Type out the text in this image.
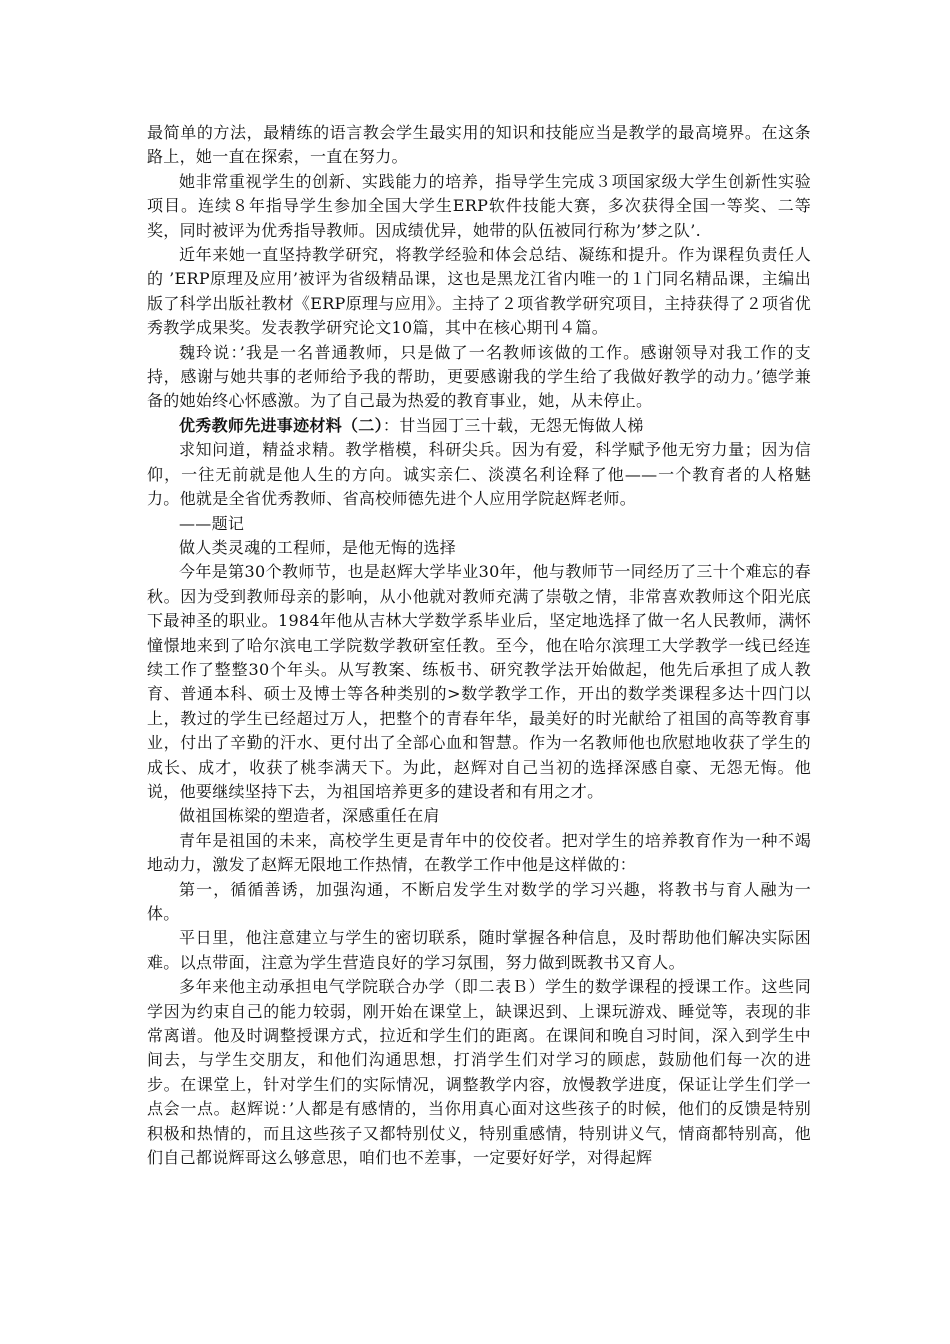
最简单的方法，最精练的语言教会学生最实用的知识和技能应当是教学的最高境界。在这条路上，她一直在探索，一直在努力。

她非常重视学生的创新、实践能力的培养，指导学生完成３项国家级大学生创新性实验项目。连续８年指导学生参加全国大学生ERP软件技能大赛，多次获得全国一等奖、二等奖，同时被评为优秀指导教师。因成绩优异，她带的队伍被同行称为’梦之队’.

近年来她一直坚持教学研究，将教学经验和体会总结、凝练和提升。作为课程负责任人的 ’ERP原理及应用’被评为省级精品课，这也是黑龙江省内唯一的１门同名精品课，主编出版了科学出版社教材《ERP原理与应用》。主持了２项省教学研究项目，主持获得了２项省优秀教学成果奖。发表教学研究论文10篇，其中在核心期刊４篇。

魏玲说：’我是一名普通教师，只是做了一名教师该做的工作。感谢领导对我工作的支持，感谢与她共事的老师给予我的帮助，更要感谢我的学生给了我做好教学的动力。’德学兼备的她始终心怀感激。为了自己最为热爱的教育事业，她，从未停止。

优秀教师先进事迹材料（二）：甘当园丁三十载，无怨无悔做人梯

求知问道，精益求精。教学楷模，科研尖兵。因为有爱，科学赋予他无穷力量；因为信仰，一往无前就是他人生的方向。诚实亲仁、淡漠名利诠释了他——一个教育者的人格魅力。他就是全省优秀教师、省高校师德先进个人应用学院赵辉老师。

——题记

做人类灵魂的工程师，是他无悔的选择

今年是第30个教师节，也是赵辉大学毕业30年，他与教师节一同经历了三十个难忘的春秋。因为受到教师母亲的影响，从小他就对教师充满了崇敬之情，非常喜欢教师这个阳光底下最神圣的职业。1984年他从吉林大学数学系毕业后，坚定地选择了做一名人民教师，满怀憧憬地来到了哈尔滨电工学院数学教研室任教。至今，他在哈尔滨理工大学教学一线已经连续工作了整整30个年头。从写教案、练板书、研究教学法开始做起，他先后承担了成人教育、普通本科、硕士及博士等各种类别的>数学教学工作，开出的数学类课程多达十四门以上，教过的学生已经超过万人，把整个的青春年华，最美好的时光献给了祖国的高等教育事业，付出了辛勤的汗水、更付出了全部心血和智慧。作为一名教师他也欣慰地收获了学生的成长、成才，收获了桃李满天下。为此，赵辉对自己当初的选择深感自豪、无怨无悔。他说，他要继续坚持下去，为祖国培养更多的建设者和有用之才。

做祖国栋梁的塑造者，深感重任在肩

青年是祖国的未来，高校学生更是青年中的佼佼者。把对学生的培养教育作为一种不竭地动力，激发了赵辉无限地工作热情，在教学工作中他是这样做的：

第一，循循善诱，加强沟通，不断启发学生对数学的学习兴趣，将教书与育人融为一体。

平日里，他注意建立与学生的密切联系，随时掌握各种信息，及时帮助他们解决实际困难。以点带面，注意为学生营造良好的学习氛围，努力做到既教书又育人。

多年来他主动承担电气学院联合办学（即二表Ｂ）学生的数学课程的授课工作。这些同学因为约束自己的能力较弱，刚开始在课堂上，缺课迟到、上课玩游戏、睡觉等，表现的非常离谱。他及时调整授课方式，拉近和学生们的距离。在课间和晚自习时间，深入到学生中间去，与学生交朋友，和他们沟通思想，打消学生们对学习的顾虑，鼓励他们每一次的进步。在课堂上，针对学生们的实际情况，调整教学内容，放慢教学进度，保证让学生们学一点会一点。赵辉说：’人都是有感情的，当你用真心面对这些孩子的时候，他们的反馈是特别积极和热情的，而且这些孩子又都特别仗义，特别重感情，特别讲义气，情商都特别高，他们自己都说辉哥这么够意思，咱们也不差事，一定要好好学，对得起辉
